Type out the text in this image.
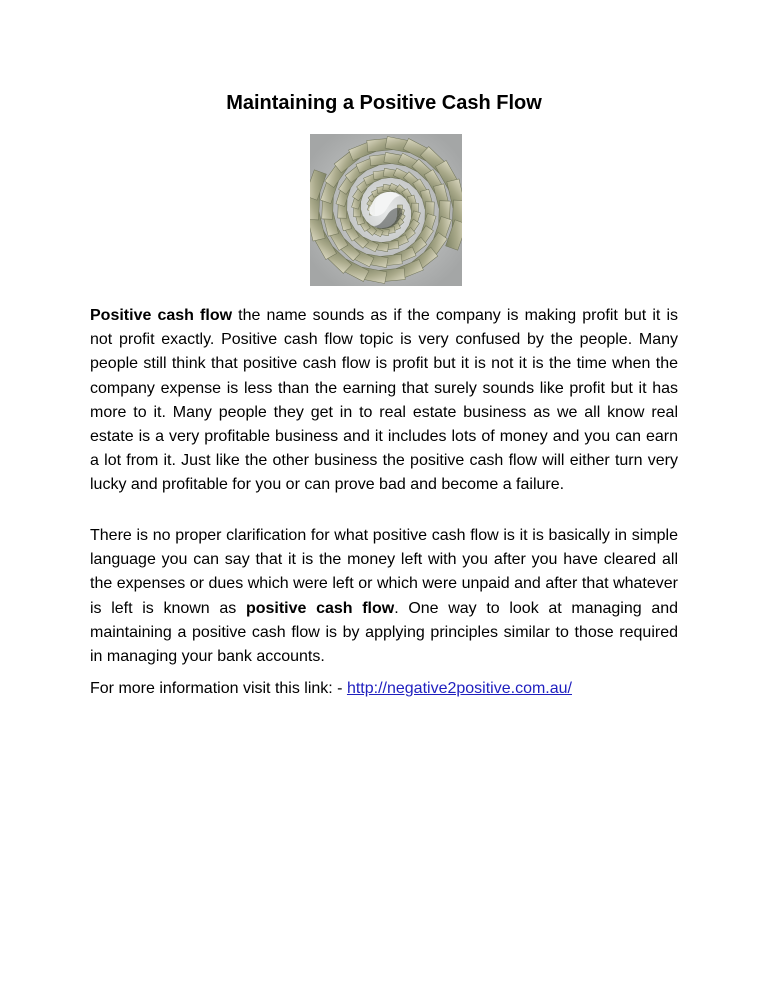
Maintaining a Positive Cash Flow

Positive cash flow the name sounds as if the company is making profit but it is not profit exactly. Positive cash flow topic is very confused by the people. Many people still think that positive cash flow is profit but it is not it is the time when the company expense is less than the earning that surely sounds like profit but it has more to it. Many people they get in to real estate business as we all know real estate is a very profitable business and it includes lots of money and you can earn a lot from it. Just like the other business the positive cash flow will either turn very lucky and profitable for you or can prove bad and become a failure.

There is no proper clarification for what positive cash flow is it is basically in simple language you can say that it is the money left with you after you have cleared all the expenses or dues which were left or which were unpaid and after that whatever is left is known as positive cash flow. One way to look at managing and maintaining a positive cash flow is by applying principles similar to those required in managing your bank accounts.

For more information visit this link: - http://negative2positive.com.au/
